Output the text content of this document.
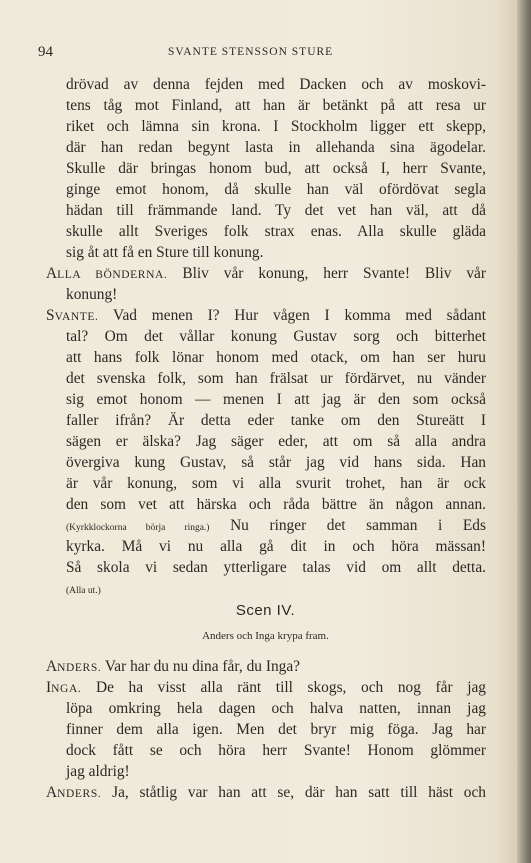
94	SVANTE STENSSON STURE
drövad av denna fejden med Dacken och av moskovi-
tens tåg mot Finland, att han är betänkt på att resa ur
riket och lämna sin krona. I Stockholm ligger ett skepp,
där han redan begynt lasta in allehanda sina ägodelar.
Skulle där bringas honom bud, att också I, herr Svante,
ginge emot honom, då skulle han väl ofördövat segla
hädan till främmande land. Ty det vet han väl, att då
skulle allt Sveriges folk strax enas. Alla skulle gläda
sig åt att få en Sture till konung.
ALLA BÖNDERNA. Bliv vår konung, herr Svante! Bliv vår
konung!
SVANTE. Vad menen I? Hur vågen I komma med sådant
tal? Om det vållar konung Gustav sorg och bitterhet
att hans folk lönar honom med otack, om han ser huru
det svenska folk, som han frälsat ur fördärvet, nu vänder
sig emot honom — menen I att jag är den som också
faller ifrån? Är detta eder tanke om den Stureätt I
sägen er älska? Jag säger eder, att om så alla andra
övergiva kung Gustav, så står jag vid hans sida. Han
är vår konung, som vi alla svurit trohet, han är ock
den som vet att härska och råda bättre än någon annan.
(Kyrkklockorna börja ringa.) Nu ringer det samman i Eds
kyrka. Må vi nu alla gå dit in och höra mässan!
Så skola vi sedan ytterligare talas vid om allt detta.
(Alla ut.)
Scen IV.
Anders och Inga krypa fram.
ANDERS. Var har du nu dina får, du Inga?
INGA. De ha visst alla ränt till skogs, och nog får jag
löpa omkring hela dagen och halva natten, innan jag
finner dem alla igen. Men det bryr mig föga. Jag har
dock fått se och höra herr Svante! Honom glömmer
jag aldrig!
ANDERS. Ja, ståtlig var han att se, där han satt till häst och
